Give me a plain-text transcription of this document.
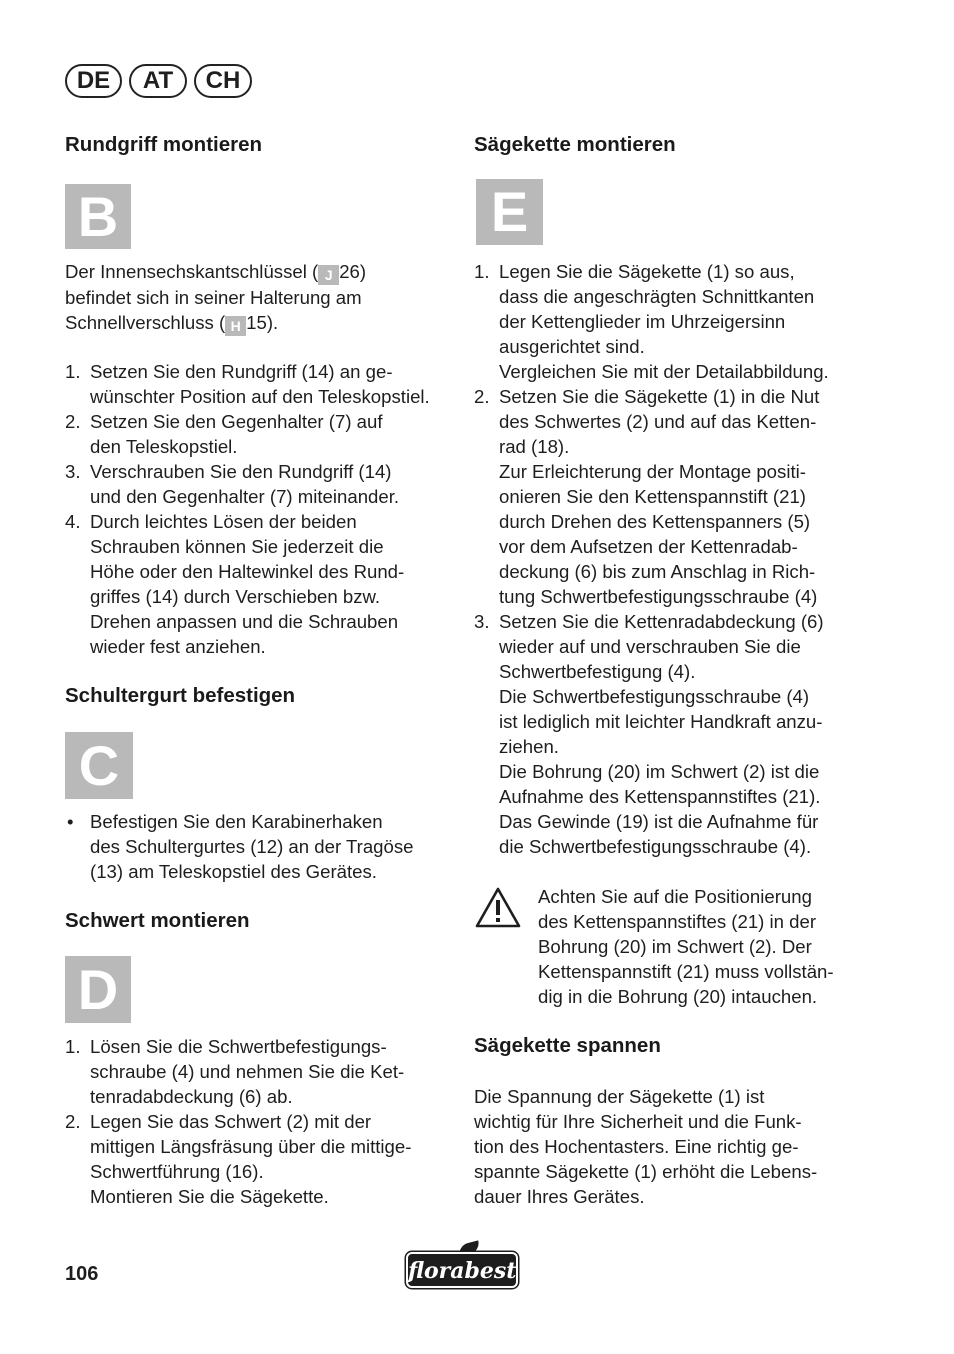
DE	AT	CH
Rundgriff montieren
B
Der Innensechskantschlüssel ( J 26)
befindet sich in seiner Halterung am
Schnellverschluss ( H 15).
1. Setzen Sie den Rundgriff (14) an ge-
wünschter Position auf den Teleskopstiel.
2. Setzen Sie den Gegenhalter (7) auf
den Teleskopstiel.
3. Verschrauben Sie den Rundgriff (14)
und den Gegenhalter (7) miteinander.
4. Durch leichtes Lösen der beiden
Schrauben können Sie jederzeit die
Höhe oder den Haltewinkel des Rund-
griffes (14) durch Verschieben bzw.
Drehen anpassen und die Schrauben
wieder fest anziehen.
Schultergurt befestigen
C
• Befestigen Sie den Karabinerhaken
des Schultergurtes (12) an der Tragöse
(13) am Teleskopstiel des Gerätes.
Schwert montieren
D
1. Lösen Sie die Schwertbefestigungs-
schraube (4) und nehmen Sie die Ket-
tenradabdeckung (6) ab.
2. Legen Sie das Schwert (2) mit der
mittigen Längsfräsung über die mittige-
Schwertführung (16).
Montieren Sie die Sägekette.
Sägekette montieren
E
1. Legen Sie die Sägekette (1) so aus,
dass die angeschrägten Schnittkanten
der Kettenglieder im Uhrzeigersinn
ausgerichtet sind.
Vergleichen Sie mit der Detailabbildung.
2. Setzen Sie die Sägekette (1) in die Nut
des Schwertes (2) und auf das Ketten-
rad (18).
Zur Erleichterung der Montage positi-
onieren Sie den Kettenspannstift (21)
durch Drehen des Kettenspanners (5)
vor dem Aufsetzen der Kettenradab-
deckung (6) bis zum Anschlag in Rich-
tung Schwertbefestigungsschraube (4)
3. Setzen Sie die Kettenradabdeckung (6)
wieder auf und verschrauben Sie die
Schwertbefestigung (4).
Die Schwertbefestigungsschraube (4)
ist lediglich mit leichter Handkraft anzu-
ziehen.
Die Bohrung (20) im Schwert (2) ist die
Aufnahme des Kettenspannstiftes (21).
Das Gewinde (19) ist die Aufnahme für
die Schwertbefestigungsschraube (4).
Achten Sie auf die Positionierung
des Kettenspannstiftes (21) in der
Bohrung (20) im Schwert (2). Der
Kettenspannstift (21) muss vollstän-
dig in die Bohrung (20) intauchen.
Sägekette spannen
Die Spannung der Sägekette (1) ist
wichtig für Ihre Sicherheit und die Funk-
tion des Hochentasters. Eine richtig ge-
spannte Sägekette (1) erhöht die Lebens-
dauer Ihres Gerätes.
106	florabest
